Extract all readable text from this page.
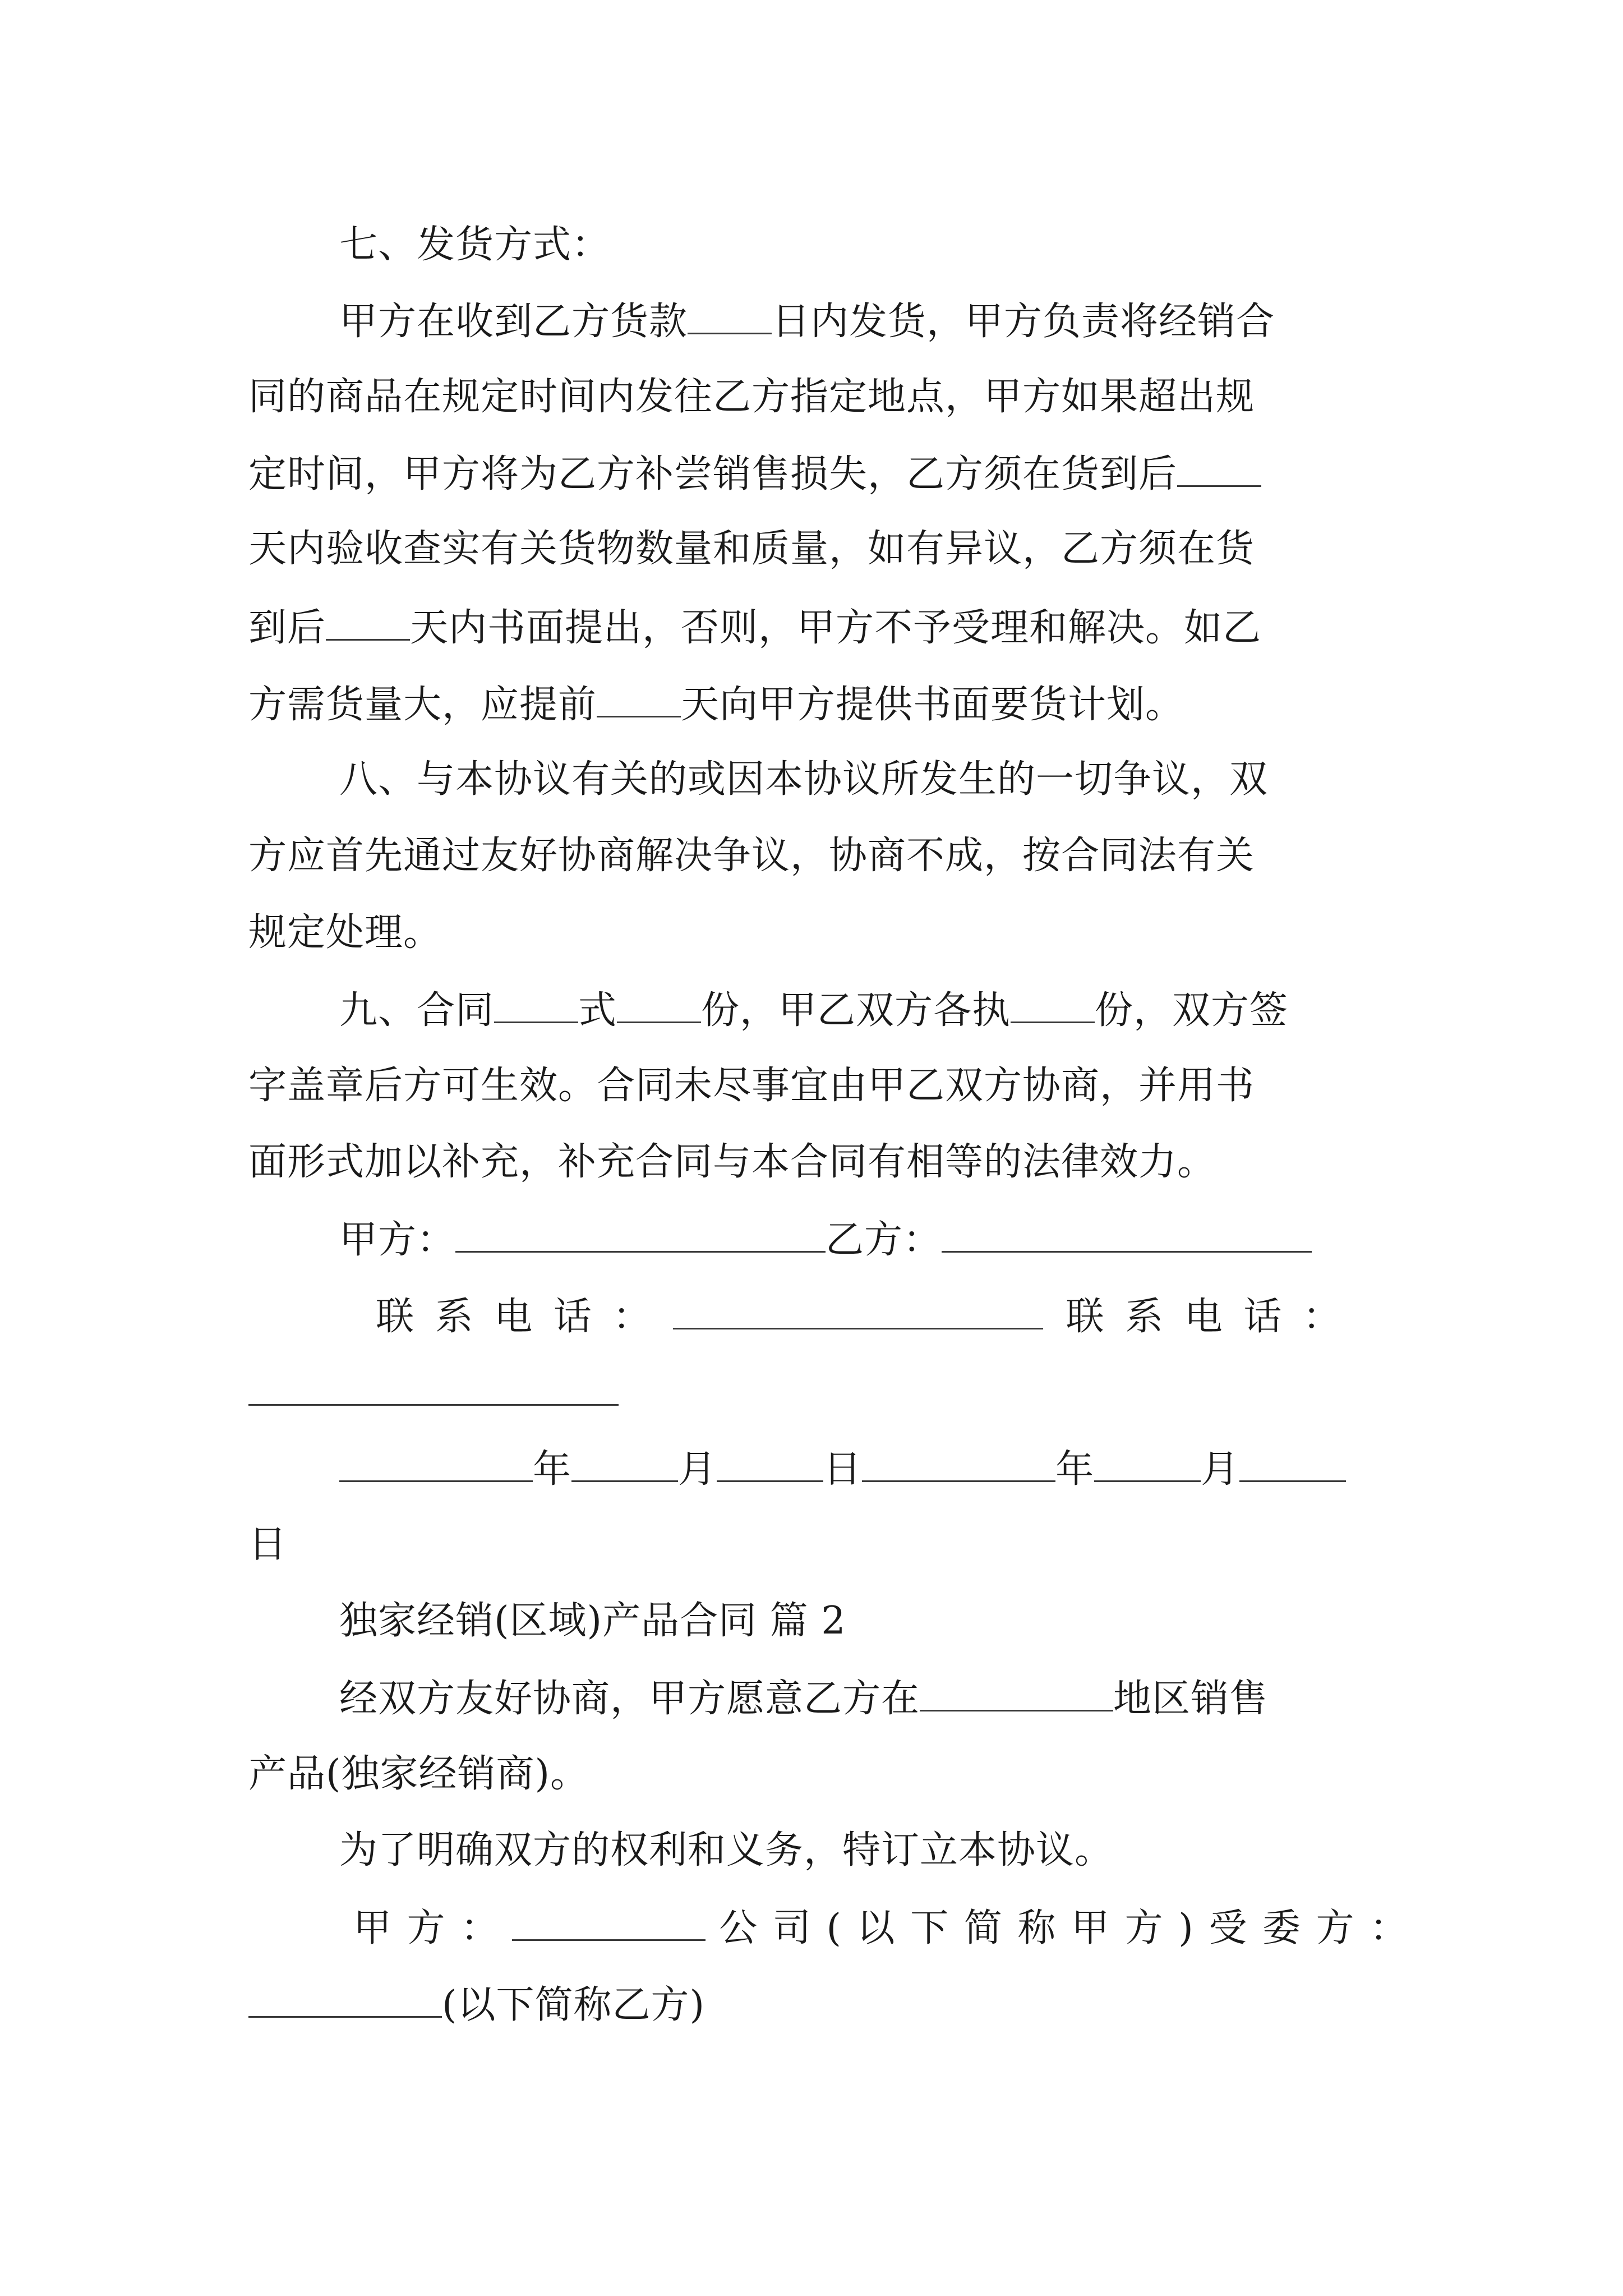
七、发货方式：
甲方在收到乙方货款 日内发货，甲方负责将经销合
同的商品在规定时间内发往乙方指定地点，甲方如果超出规
定时间，甲方将为乙方补尝销售损失，乙方须在货到后
天内验收查实有关货物数量和质量，如有异议，乙方须在货
到后 天内书面提出，否则，甲方不予受理和解决。如乙
方需货量大，应提前 天向甲方提供书面要货计划。
八、与本协议有关的或因本协议所发生的一切争议，双
方应首先通过友好协商解决争议，协商不成，按合同法有关
规定处理。
九、合同 式 份，甲乙双方各执 份，双方签
字盖章后方可生效。合同未尽事宜由甲乙双方协商，并用书
面形式加以补充，补充合同与本合同有相等的法律效力。
甲方：	乙方：
联 系 电 话 ：	联 系 电 话 ：
年	月	日	年	月
日
独家经销(区域)产品合同 篇 2
经双方友好协商，甲方愿意乙方在	地区销售
产品(独家经销商)。
为了明确双方的权利和义务，特订立本协议。
甲 方 ：	公 司 ( 以 下 简 称 甲 方 ) 受 委 方 ：
(以下简称乙方)
